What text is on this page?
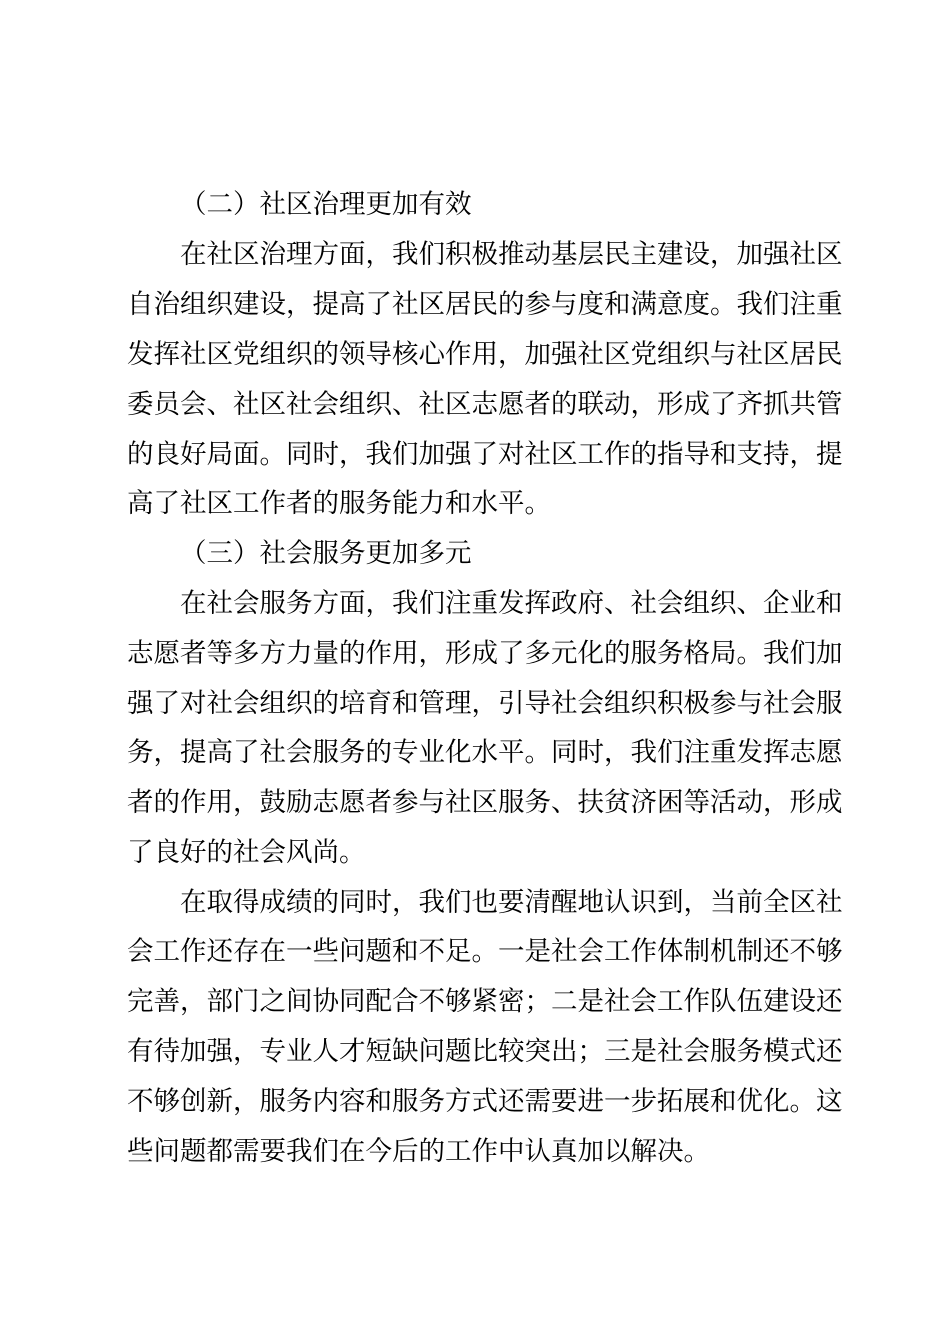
（二）社区治理更加有效
在社区治理方面，我们积极推动基层民主建设，加强社区
自治组织建设，提高了社区居民的参与度和满意度。我们注重
发挥社区党组织的领导核心作用，加强社区党组织与社区居民
委员会、社区社会组织、社区志愿者的联动，形成了齐抓共管
的良好局面。同时，我们加强了对社区工作的指导和支持，提
高了社区工作者的服务能力和水平。
（三）社会服务更加多元
在社会服务方面，我们注重发挥政府、社会组织、企业和
志愿者等多方力量的作用，形成了多元化的服务格局。我们加
强了对社会组织的培育和管理，引导社会组织积极参与社会服
务，提高了社会服务的专业化水平。同时，我们注重发挥志愿
者的作用，鼓励志愿者参与社区服务、扶贫济困等活动，形成
了良好的社会风尚。
在取得成绩的同时，我们也要清醒地认识到，当前全区社
会工作还存在一些问题和不足。一是社会工作体制机制还不够
完善，部门之间协同配合不够紧密；二是社会工作队伍建设还
有待加强，专业人才短缺问题比较突出；三是社会服务模式还
不够创新，服务内容和服务方式还需要进一步拓展和优化。这
些问题都需要我们在今后的工作中认真加以解决。
